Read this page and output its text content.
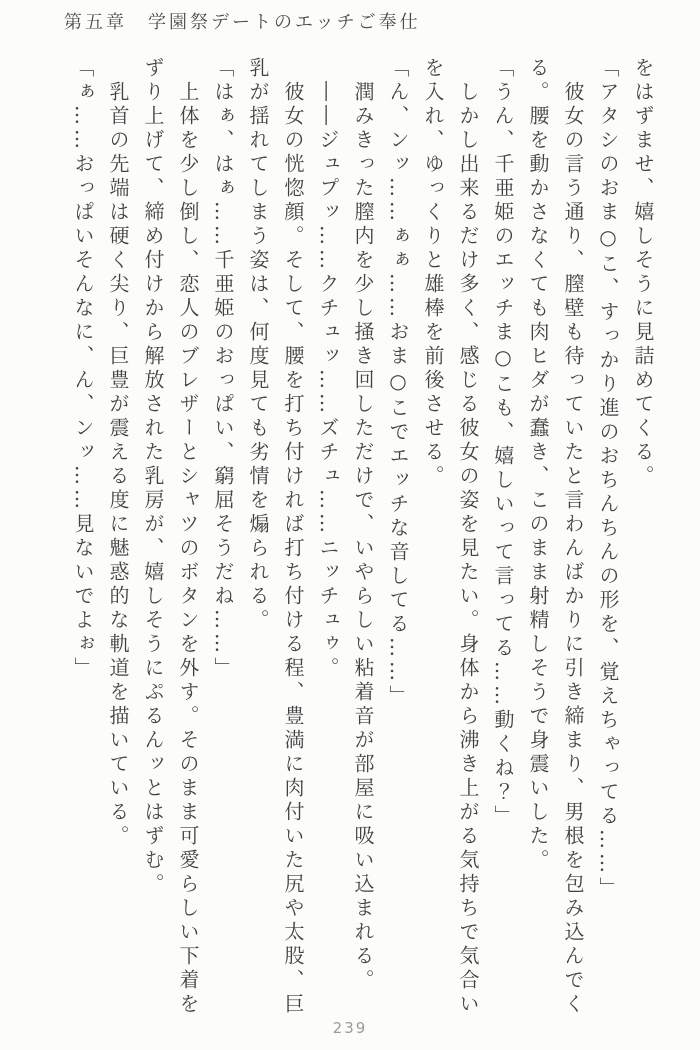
第五章　学園祭デートのエッチご奉仕

をはずませ、嬉しそうに見詰めてくる。

「アタシのおま○こ、すっかり進のおちんちんの形を、覚えちゃってる……」

彼女の言う通り、膣壁も待っていたと言わんばかりに引き締まり、男根を包み込んでく

る。腰を動かさなくても肉ヒダが蠢き、このまま射精しそうで身震いした。

「うん、千亜姫のエッチま○こも、嬉しいって言ってる……動くね？」

しかし出来るだけ多く、感じる彼女の姿を見たい。身体から沸き上がる気持ちで気合い

を入れ、ゆっくりと雄棒を前後させる。

「ん、ンッ……ぁぁ……おま○こでエッチな音してる……」

潤みきった膣内を少し掻き回しただけで、いやらしい粘着音が部屋に吸い込まれる。

――ジュプッ……クチュッ……ズチュ……ニッチュゥ。

彼女の恍惚顔。そして、腰を打ち付ければ打ち付ける程、豊満に肉付いた尻や太股、巨

乳が揺れてしまう姿は、何度見ても劣情を煽られる。

「はぁ、はぁ……千亜姫のおっぱい、窮屈そうだね……」

上体を少し倒し、恋人のブレザーとシャツのボタンを外す。そのまま可愛らしい下着を

ずり上げて、締め付けから解放された乳房が、嬉しそうにぷるんッとはずむ。

乳首の先端は硬く尖り、巨豊が震える度に魅惑的な軌道を描いている。

「ぁ……おっぱいそんなに、ん、ンッ……見ないでよぉ」

239
